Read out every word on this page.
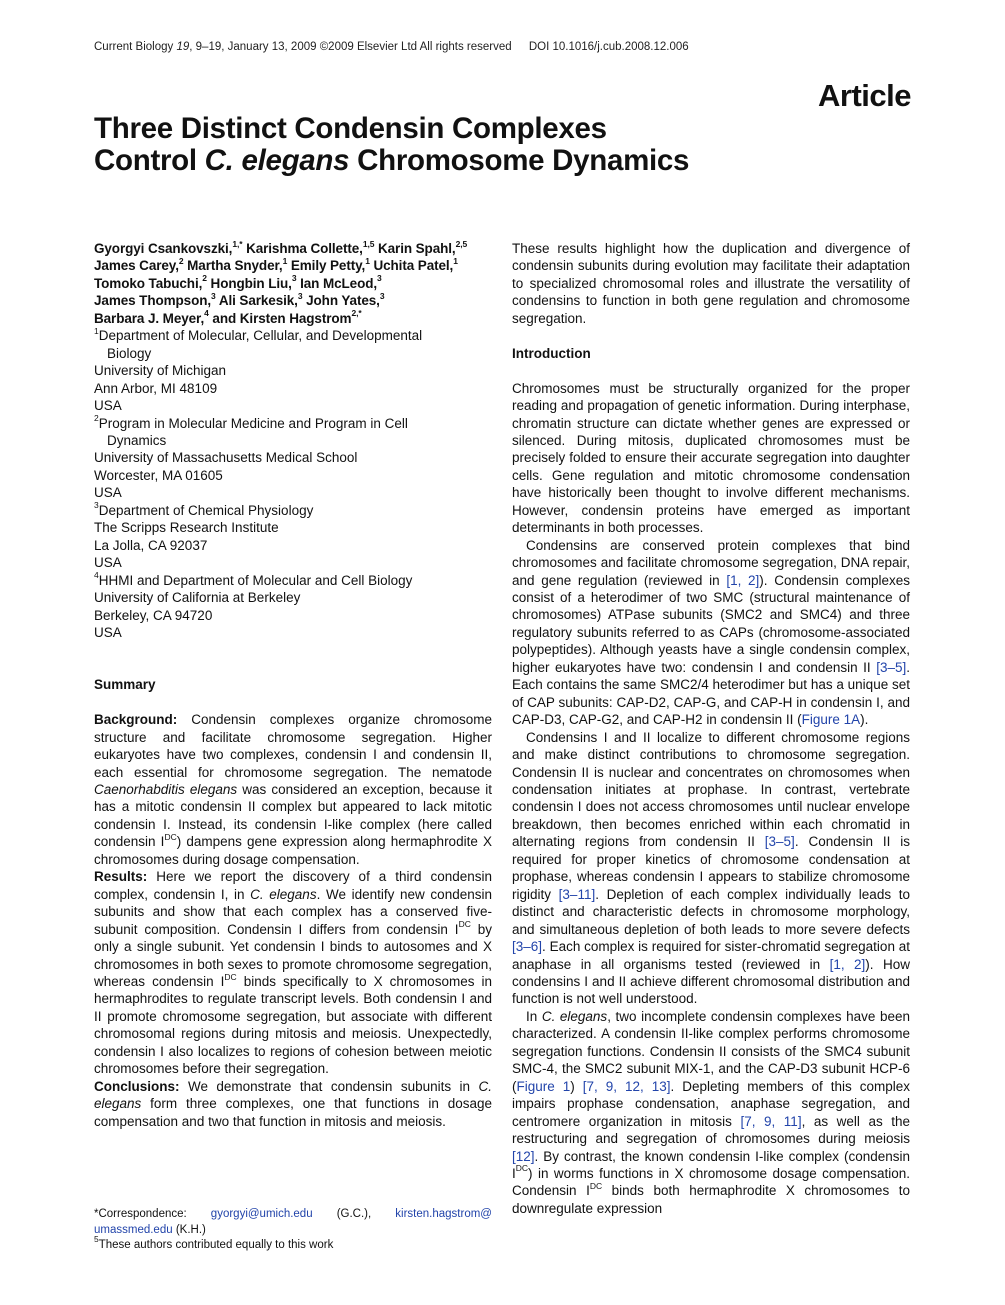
Current Biology 19, 9–19, January 13, 2009 ©2009 Elsevier Ltd All rights reserved DOI 10.1016/j.cub.2008.12.006
Article
Three Distinct Condensin Complexes
Control C. elegans Chromosome Dynamics
Gyorgyi Csankovszki,$^{1,*}$ Karishma Collette,$^{1,5}$ Karin Spahl,$^{2,5}$
James Carey,$^2$ Martha Snyder,$^1$ Emily Petty,$^1$ Uchita Patel,$^1$
Tomoko Tabuchi,$^2$ Hongbin Liu,$^3$ Ian McLeod,$^3$
James Thompson,$^3$ Ali Sarkesik,$^3$ John Yates,$^3$
Barbara J. Meyer,$^4$ and Kirsten Hagstrom$^{2,*}$
$^1$Department of Molecular, Cellular, and Developmental
Biology
University of Michigan
Ann Arbor, MI 48109
USA
$^2$Program in Molecular Medicine and Program in Cell
Dynamics
University of Massachusetts Medical School
Worcester, MA 01605
USA
$^3$Department of Chemical Physiology
The Scripps Research Institute
La Jolla, CA 92037
USA
$^4$HHMI and Department of Molecular and Cell Biology
University of California at Berkeley
Berkeley, CA 94720
USA
Summary

Background: Condensin complexes organize chromosome structure and facilitate chromosome segregation. Higher eukaryotes have two complexes, condensin I and condensin II, each essential for chromosome segregation. The nematode Caenorhabditis elegans was considered an exception, because it has a mitotic condensin II complex but appeared to lack mitotic condensin I. Instead, its condensin I-like complex (here called condensin $I^{DC}$) dampens gene expression along hermaphrodite X chromosomes during dosage compensation.

Results: Here we report the discovery of a third condensin complex, condensin I, in C. elegans. We identify new condensin subunits and show that each complex has a conserved five-subunit composition. Condensin I differs from condensin $I^{DC}$ by only a single subunit. Yet condensin I binds to autosomes and X chromosomes in both sexes to promote chromosome segregation, whereas condensin $I^{DC}$ binds specifically to X chromosomes in hermaphrodites to regulate transcript levels. Both condensin I and II promote chromosome segregation, but associate with different chromosomal regions during mitosis and meiosis. Unexpectedly, condensin I also localizes to regions of cohesion between meiotic chromosomes before their segregation.

Conclusions: We demonstrate that condensin subunits in C. elegans form three complexes, one that functions in dosage compensation and two that function in mitosis and meiosis.

These results highlight how the duplication and divergence of condensin subunits during evolution may facilitate their adaptation to specialized chromosomal roles and illustrate the versatility of condensins to function in both gene regulation and chromosome segregation.

Introduction

Chromosomes must be structurally organized for the proper reading and propagation of genetic information. During interphase, chromatin structure can dictate whether genes are expressed or silenced. During mitosis, duplicated chromosomes must be precisely folded to ensure their accurate segregation into daughter cells. Gene regulation and mitotic chromosome condensation have historically been thought to involve different mechanisms. However, condensin proteins have emerged as important determinants in both processes.

Condensins are conserved protein complexes that bind chromosomes and facilitate chromosome segregation, DNA repair, and gene regulation (reviewed in [1, 2]). Condensin complexes consist of a heterodimer of two SMC (structural maintenance of chromosomes) ATPase subunits (SMC2 and SMC4) and three regulatory subunits referred to as CAPs (chromosome-associated polypeptides). Although yeasts have a single condensin complex, higher eukaryotes have two: condensin I and condensin II [3–5]. Each contains the same SMC2/4 heterodimer but has a unique set of CAP subunits: CAP-D2, CAP-G, and CAP-H in condensin I, and CAP-D3, CAP-G2, and CAP-H2 in condensin II (Figure 1A).

Condensins I and II localize to different chromosome regions and make distinct contributions to chromosome segregation. Condensin II is nuclear and concentrates on chromosomes when condensation initiates at prophase. In contrast, vertebrate condensin I does not access chromosomes until nuclear envelope breakdown, then becomes enriched within each chromatid in alternating regions from condensin II [3–5]. Condensin II is required for proper kinetics of chromosome condensation at prophase, whereas condensin I appears to stabilize chromosome rigidity [3–11]. Depletion of each complex individually leads to distinct and characteristic defects in chromosome morphology, and simultaneous depletion of both leads to more severe defects [3–6]. Each complex is required for sister-chromatid segregation at anaphase in all organisms tested (reviewed in [1, 2]). How condensins I and II achieve different chromosomal distribution and function is not well understood.

In C. elegans, two incomplete condensin complexes have been characterized. A condensin II-like complex performs chromosome segregation functions. Condensin II consists of the SMC4 subunit SMC-4, the SMC2 subunit MIX-1, and the CAP-D3 subunit HCP-6 (Figure 1) [7, 9, 12, 13]. Depleting members of this complex impairs prophase condensation, anaphase segregation, and centromere organization in mitosis [7, 9, 11], as well as the restructuring and segregation of chromosomes during meiosis [12]. By contrast, the known condensin I-like complex (condensin $I^{DC}$) in worms functions in X chromosome dosage compensation. Condensin $I^{DC}$ binds both hermaphrodite X chromosomes to downregulate expression

*Correspondence: gyorgyi@umich.edu (G.C.), kirsten.hagstrom@
umassmed.edu (K.H.)
$^5$These authors contributed equally to this work
